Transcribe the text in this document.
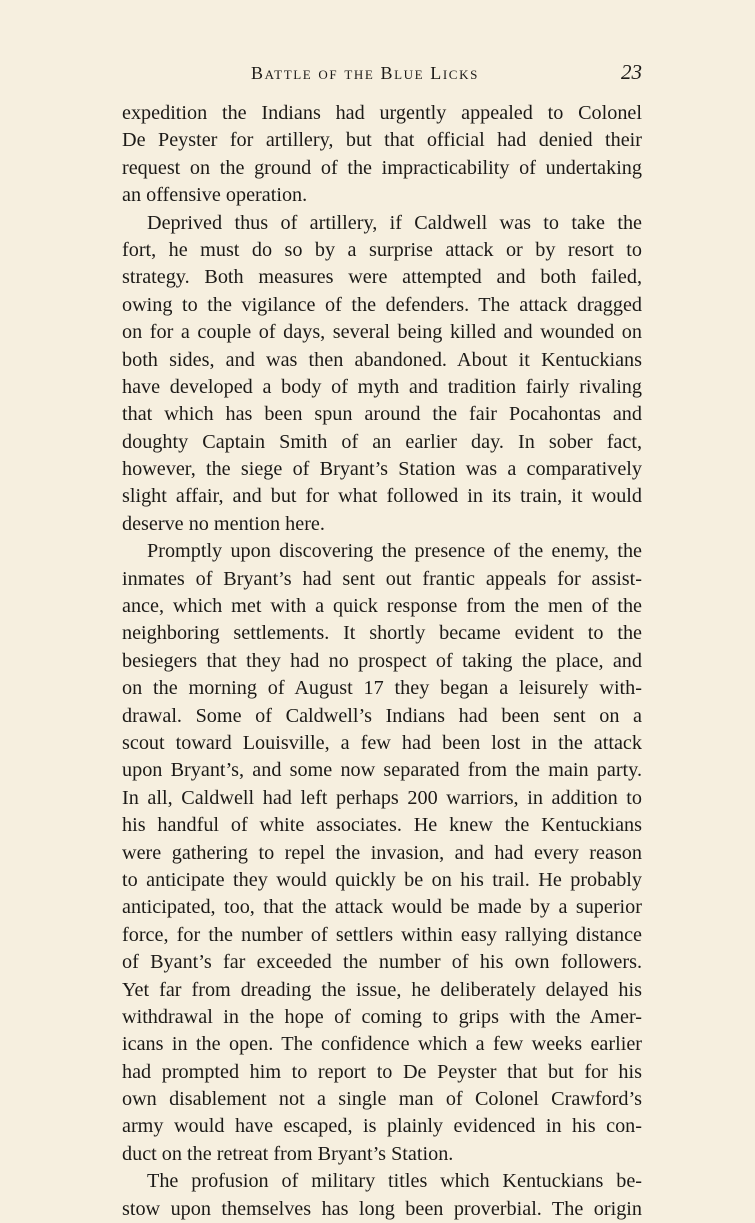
Battle of the Blue Licks	23
expedition the Indians had urgently appealed to Colonel
De Peyster for artillery, but that official had denied their
request on the ground of the impracticability of undertaking
an offensive operation.
Deprived thus of artillery, if Caldwell was to take the
fort, he must do so by a surprise attack or by resort to
strategy. Both measures were attempted and both failed,
owing to the vigilance of the defenders. The attack dragged
on for a couple of days, several being killed and wounded on
both sides, and was then abandoned. About it Kentuckians
have developed a body of myth and tradition fairly rivaling
that which has been spun around the fair Pocahontas and
doughty Captain Smith of an earlier day. In sober fact,
however, the siege of Bryant’s Station was a comparatively
slight affair, and but for what followed in its train, it would
deserve no mention here.
Promptly upon discovering the presence of the enemy, the
inmates of Bryant’s had sent out frantic appeals for assist-
ance, which met with a quick response from the men of the
neighboring settlements. It shortly became evident to the
besiegers that they had no prospect of taking the place, and
on the morning of August 17 they began a leisurely with-
drawal. Some of Caldwell’s Indians had been sent on a
scout toward Louisville, a few had been lost in the attack
upon Bryant’s, and some now separated from the main party.
In all, Caldwell had left perhaps 200 warriors, in addition to
his handful of white associates. He knew the Kentuckians
were gathering to repel the invasion, and had every reason
to anticipate they would quickly be on his trail. He probably
anticipated, too, that the attack would be made by a superior
force, for the number of settlers within easy rallying distance
of Byant’s far exceeded the number of his own followers.
Yet far from dreading the issue, he deliberately delayed his
withdrawal in the hope of coming to grips with the Amer-
icans in the open. The confidence which a few weeks earlier
had prompted him to report to De Peyster that but for his
own disablement not a single man of Colonel Crawford’s
army would have escaped, is plainly evidenced in his con-
duct on the retreat from Bryant’s Station.
The profusion of military titles which Kentuckians be-
stow upon themselves has long been proverbial. The origin
